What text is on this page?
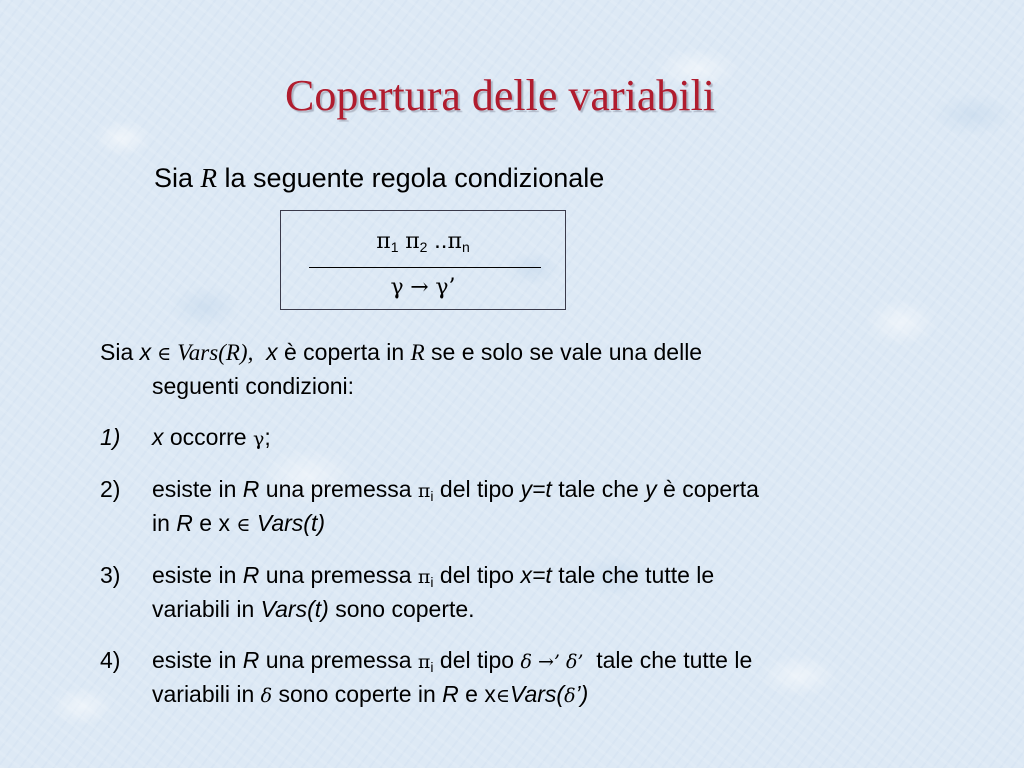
Copertura delle variabili
Sia R la seguente regola condizionale
$\pi_1$ $\pi_2$ $..\pi_n$
γ → γ’
Sia x ∈ Vars(R), x è coperta in R se e solo se vale una delle
seguenti condizioni:
1) x occorre γ;
2) esiste in R una premessa $\pi_i$ del tipo y=t tale che y è coperta
in R e x ∈ Vars(t)
3) esiste in R una premessa $\pi_i$ del tipo x=t tale che tutte le
variabili in Vars(t) sono coperte.
4) esiste in R una premessa $\pi_i$ del tipo δ →’ δ’  tale che tutte le
variabili in δ sono coperte in R e x∈Vars(δ’)
